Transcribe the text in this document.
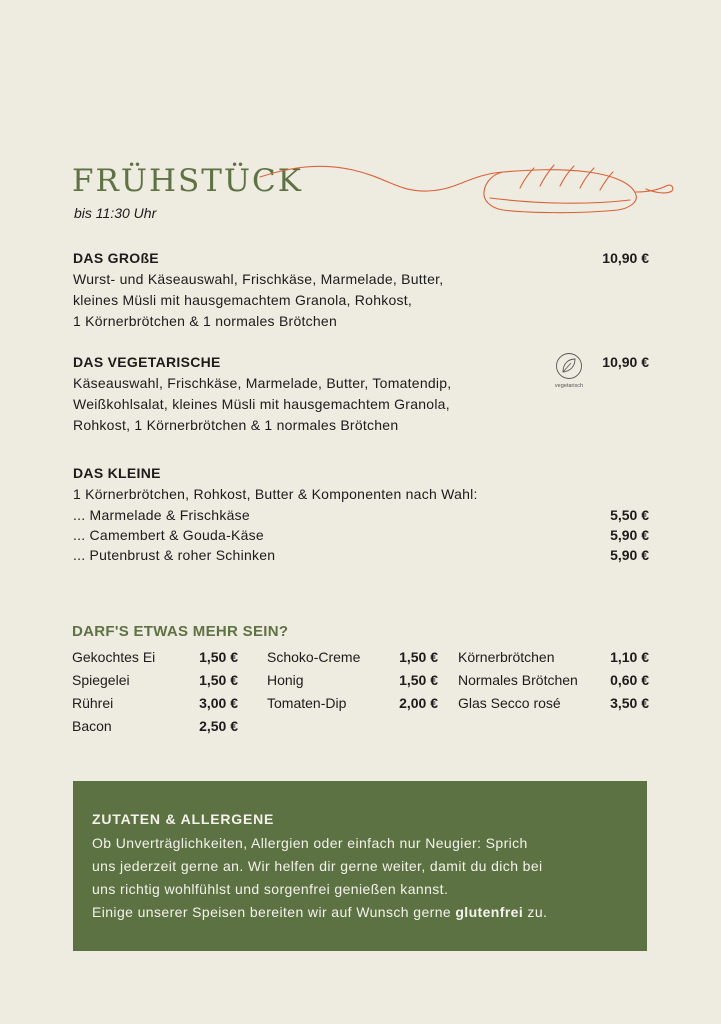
FRÜHSTÜCK
bis 11:30 Uhr
DAS GROßE	10,90 €
Wurst- und Käseauswahl, Frischkäse, Marmelade, Butter,
kleines Müsli mit hausgemachtem Granola, Rohkost,
1 Körnerbrötchen & 1 normales Brötchen
DAS VEGETARISCHE	10,90 €
vegetarisch
Käseauswahl, Frischkäse, Marmelade, Butter, Tomatendip,
Weißkohlsalat, kleines Müsli mit hausgemachtem Granola,
Rohkost, 1 Körnerbrötchen & 1 normales Brötchen
DAS KLEINE
1 Körnerbrötchen, Rohkost, Butter & Komponenten nach Wahl:
... Marmelade & Frischkäse	5,50 €
... Camembert & Gouda-Käse	5,90 €
... Putenbrust & roher Schinken	5,90 €
DARF'S ETWAS MEHR SEIN?
Gekochtes Ei	1,50 €
Spiegelei	1,50 €
Rührei	3,00 €
Bacon	2,50 €
Schoko-Creme	1,50 €
Honig	1,50 €
Tomaten-Dip	2,00 €
Körnerbrötchen	1,10 €
Normales Brötchen	0,60 €
Glas Secco rosé	3,50 €
ZUTATEN & ALLERGENE
Ob Unverträglichkeiten, Allergien oder einfach nur Neugier: Sprich
uns jederzeit gerne an. Wir helfen dir gerne weiter, damit du dich bei
uns richtig wohlfühlst und sorgenfrei genießen kannst.
Einige unserer Speisen bereiten wir auf Wunsch gerne glutenfrei zu.
